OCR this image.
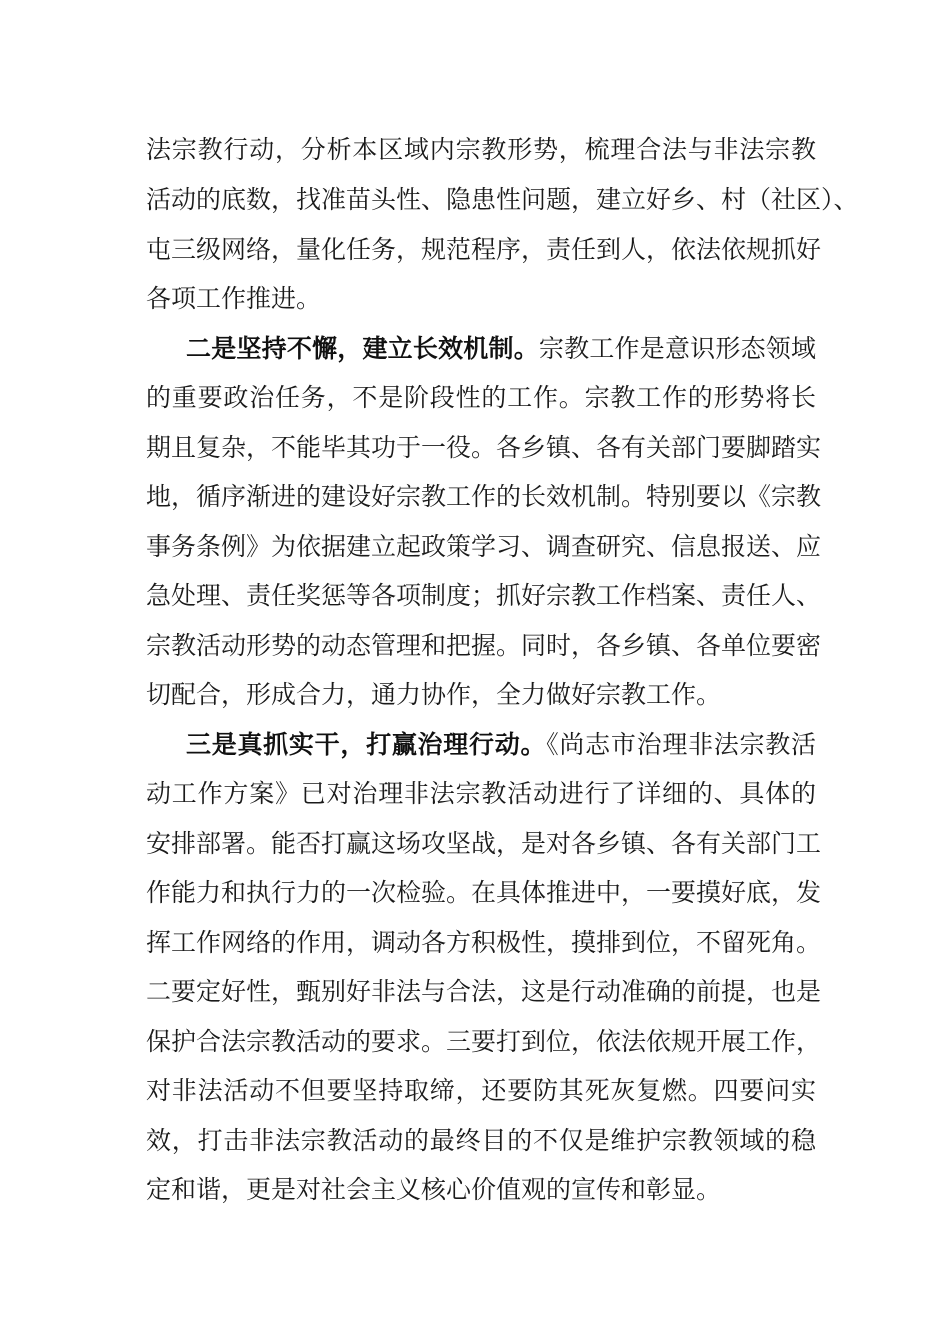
法宗教行动，分析本区域内宗教形势，梳理合法与非法宗教
活动的底数，找准苗头性、隐患性问题，建立好乡、村（社区）、
屯三级网络，量化任务，规范程序，责任到人，依法依规抓好
各项工作推进。
二是坚持不懈，建立长效机制。宗教工作是意识形态领域
的重要政治任务，不是阶段性的工作。宗教工作的形势将长
期且复杂，不能毕其功于一役。各乡镇、各有关部门要脚踏实
地，循序渐进的建设好宗教工作的长效机制。特别要以《宗教
事务条例》为依据建立起政策学习、调查研究、信息报送、应
急处理、责任奖惩等各项制度；抓好宗教工作档案、责任人、
宗教活动形势的动态管理和把握。同时，各乡镇、各单位要密
切配合，形成合力，通力协作，全力做好宗教工作。
三是真抓实干，打赢治理行动。《尚志市治理非法宗教活
动工作方案》已对治理非法宗教活动进行了详细的、具体的
安排部署。能否打赢这场攻坚战，是对各乡镇、各有关部门工
作能力和执行力的一次检验。在具体推进中，一要摸好底，发
挥工作网络的作用，调动各方积极性，摸排到位，不留死角。
二要定好性，甄别好非法与合法，这是行动准确的前提，也是
保护合法宗教活动的要求。三要打到位，依法依规开展工作，
对非法活动不但要坚持取缔，还要防其死灰复燃。四要问实
效，打击非法宗教活动的最终目的不仅是维护宗教领域的稳
定和谐，更是对社会主义核心价值观的宣传和彰显。
